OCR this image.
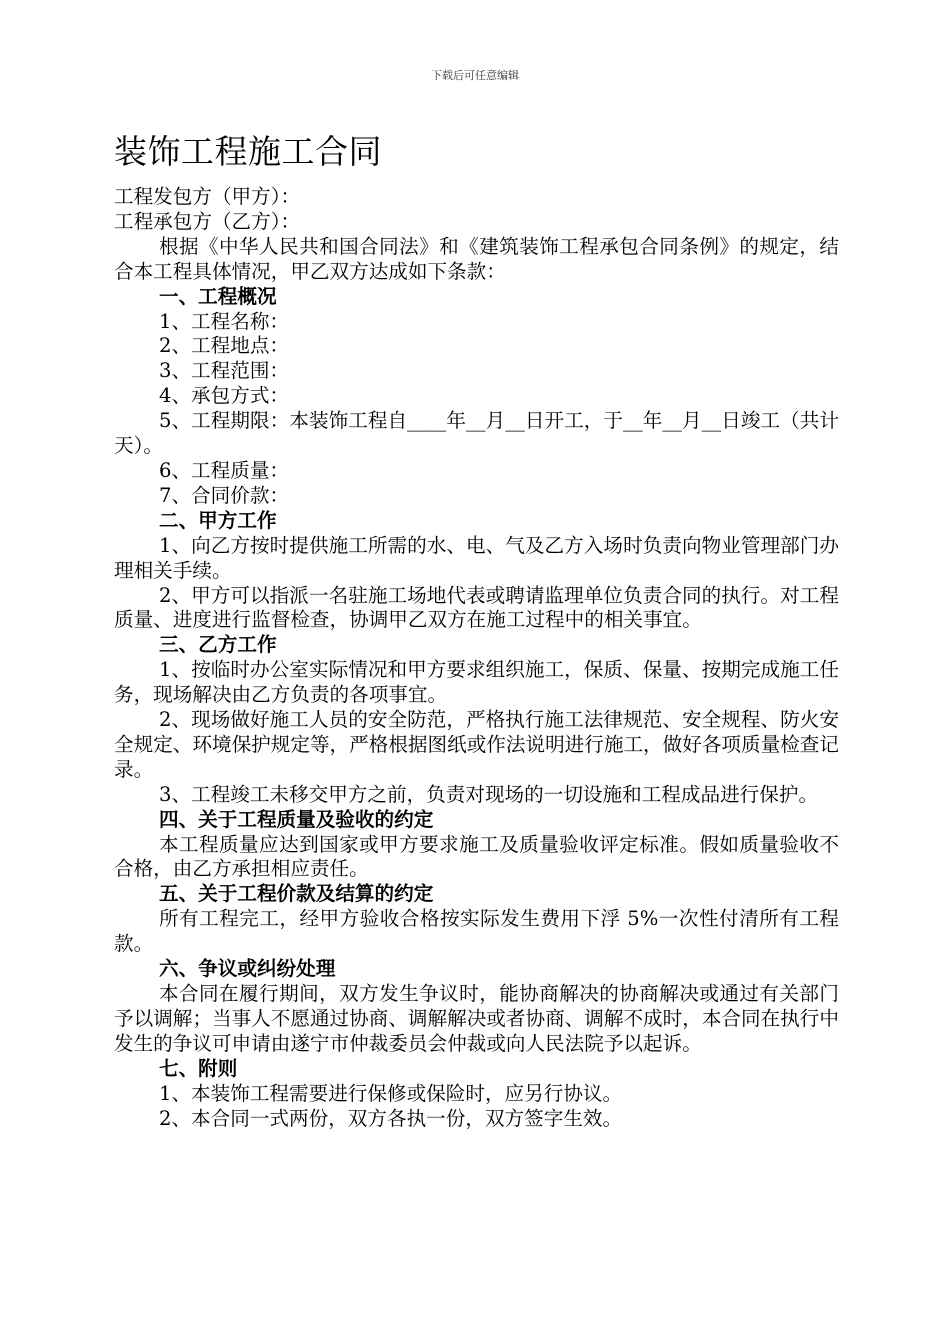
下载后可任意编辑
装饰工程施工合同

工程发包方（甲方）：

工程承包方（乙方）：

根据《中华人民共和国合同法》和《建筑装饰工程承包合同条例》的规定，结合本工程具体情况，甲乙双方达成如下条款：

一、工程概况

1、工程名称：

2、工程地点：

3、工程范围：

4、承包方式：

5、工程期限：本装饰工程自____年__月__日开工，于__年__月__日竣工（共计　天）。

6、工程质量：

7、合同价款：

二、甲方工作

1、向乙方按时提供施工所需的水、电、气及乙方入场时负责向物业管理部门办理相关手续。

2、甲方可以指派一名驻施工场地代表或聘请监理单位负责合同的执行。对工程质量、进度进行监督检查，协调甲乙双方在施工过程中的相关事宜。

三、乙方工作

1、按临时办公室实际情况和甲方要求组织施工，保质、保量、按期完成施工任务，现场解决由乙方负责的各项事宜。

2、现场做好施工人员的安全防范，严格执行施工法律规范、安全规程、防火安全规定、环境保护规定等，严格根据图纸或作法说明进行施工，做好各项质量检查记录。

3、工程竣工未移交甲方之前，负责对现场的一切设施和工程成品进行保护。

四、关于工程质量及验收的约定

本工程质量应达到国家或甲方要求施工及质量验收评定标准。假如质量验收不合格，由乙方承担相应责任。

五、关于工程价款及结算的约定

所有工程完工，经甲方验收合格按实际发生费用下浮 5%一次性付清所有工程款。

六、争议或纠纷处理

本合同在履行期间，双方发生争议时，能协商解决的协商解决或通过有关部门予以调解；当事人不愿通过协商、调解解决或者协商、调解不成时，本合同在执行中发生的争议可申请由遂宁市仲裁委员会仲裁或向人民法院予以起诉。

七、附则

1、本装饰工程需要进行保修或保险时，应另行协议。

2、本合同一式两份，双方各执一份，双方签字生效。
